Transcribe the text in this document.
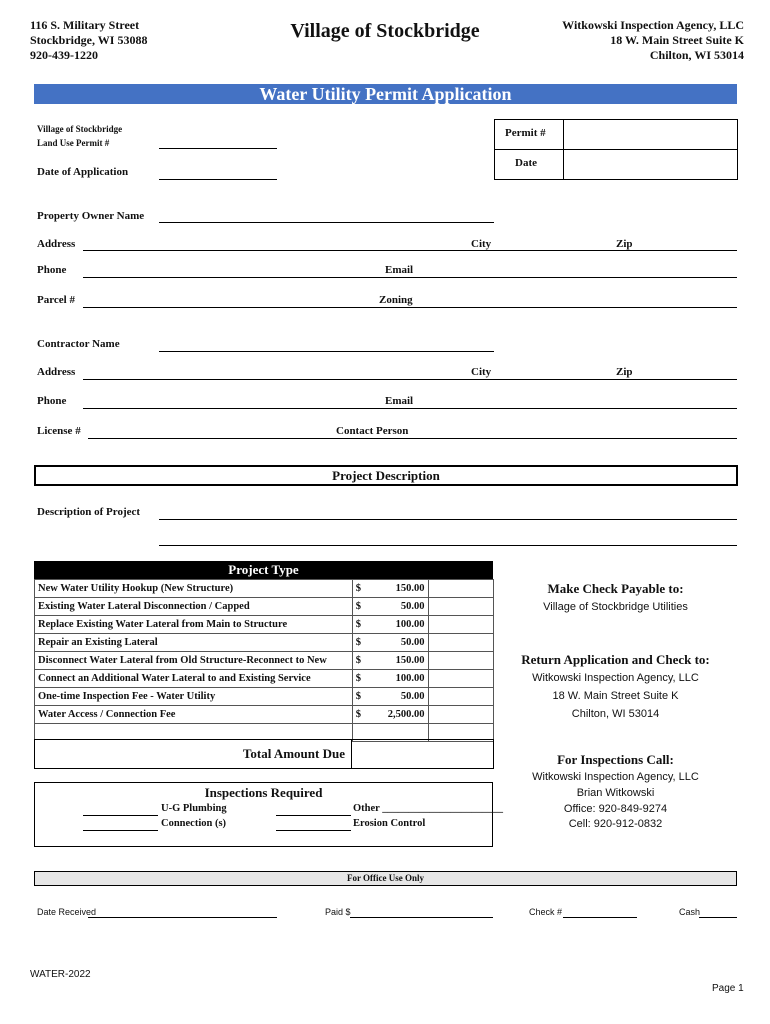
116 S. Military Street
Stockbridge, WI 53088
920-439-1220
Village of Stockbridge	Witkowski Inspection Agency, LLC
18 W. Main Street Suite K
Chilton, WI 53014
Water Utility Permit Application
Village of Stockbridge
Land Use Permit #
Date of Application
Permit #
Date
Property Owner Name
Address	City	Zip
Phone	Email
Parcel #	Zoning
Contractor Name
Address	City	Zip
Phone	Email
License #	Contact Person
Project Description
Description of Project
Project Type
New Water Utility Hookup (New Structure)	$ 150.00	

Existing Water Lateral Disconnection / Capped	$ 50.00	

Replace Existing Water Lateral from Main to Structure	$ 100.00	

Repair an Existing Lateral	$ 50.00	

Disconnect Water Lateral from Old Structure-Reconnect to New	$ 150.00	

Connect an Additional Water Lateral to and Existing Service	$ 100.00	

One-time Inspection Fee - Water Utility	$ 50.00	

Water Access / Connection Fee	$ 2,500.00	

Total Amount Due
Inspections Required
U-G Plumbing	Other _______________________
Connection (s)	Erosion Control
Make Check Payable to:
Village of Stockbridge Utilities
Return Application and Check to:
Witkowski Inspection Agency, LLC
18 W. Main Street Suite K
Chilton, WI 53014
For Inspections Call:
Witkowski Inspection Agency, LLC
Brian Witkowski
Office: 920-849-9274
Cell: 920-912-0832
For Office Use Only
Date Received	Paid $	Check #	Cash
WATER-2022
Page 1
